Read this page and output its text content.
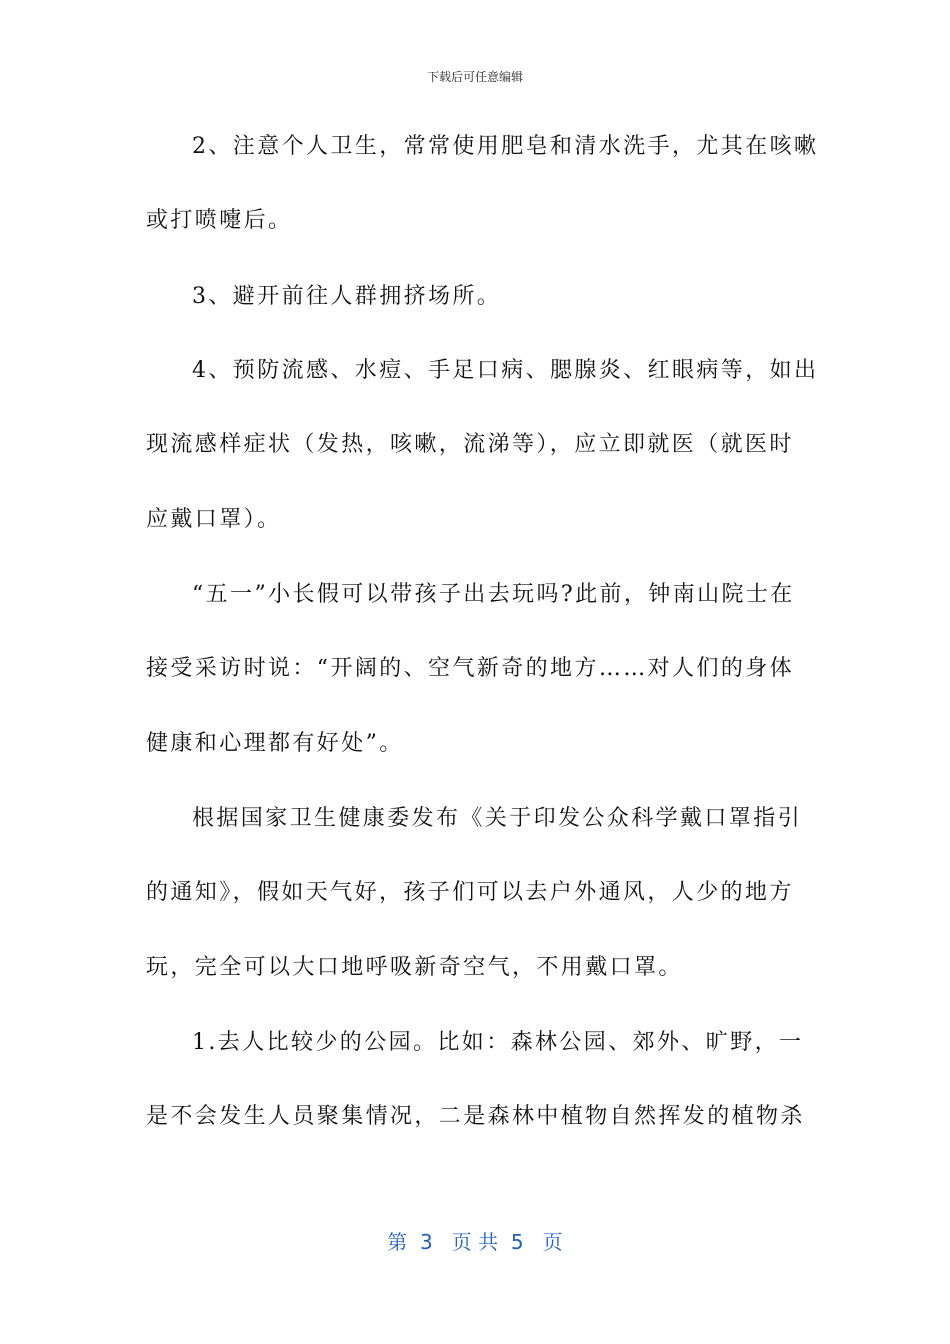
下载后可任意编辑
2、注意个人卫生，常常使用肥皂和清水洗手，尤其在咳嗽
或打喷嚏后。
3、避开前往人群拥挤场所。
4、预防流感、水痘、手足口病、腮腺炎、红眼病等，如出
现流感样症状（发热，咳嗽，流涕等），应立即就医（就医时
应戴口罩）。
“五一”小长假可以带孩子出去玩吗?此前，钟南山院士在
接受采访时说：“开阔的、空气新奇的地方……对人们的身体
健康和心理都有好处”。
根据国家卫生健康委发布《关于印发公众科学戴口罩指引
的通知》，假如天气好，孩子们可以去户外通风，人少的地方
玩，完全可以大口地呼吸新奇空气，不用戴口罩。
1.去人比较少的公园。比如：森林公园、郊外、旷野，一
是不会发生人员聚集情况，二是森林中植物自然挥发的植物杀
第  3   页 共  5   页
